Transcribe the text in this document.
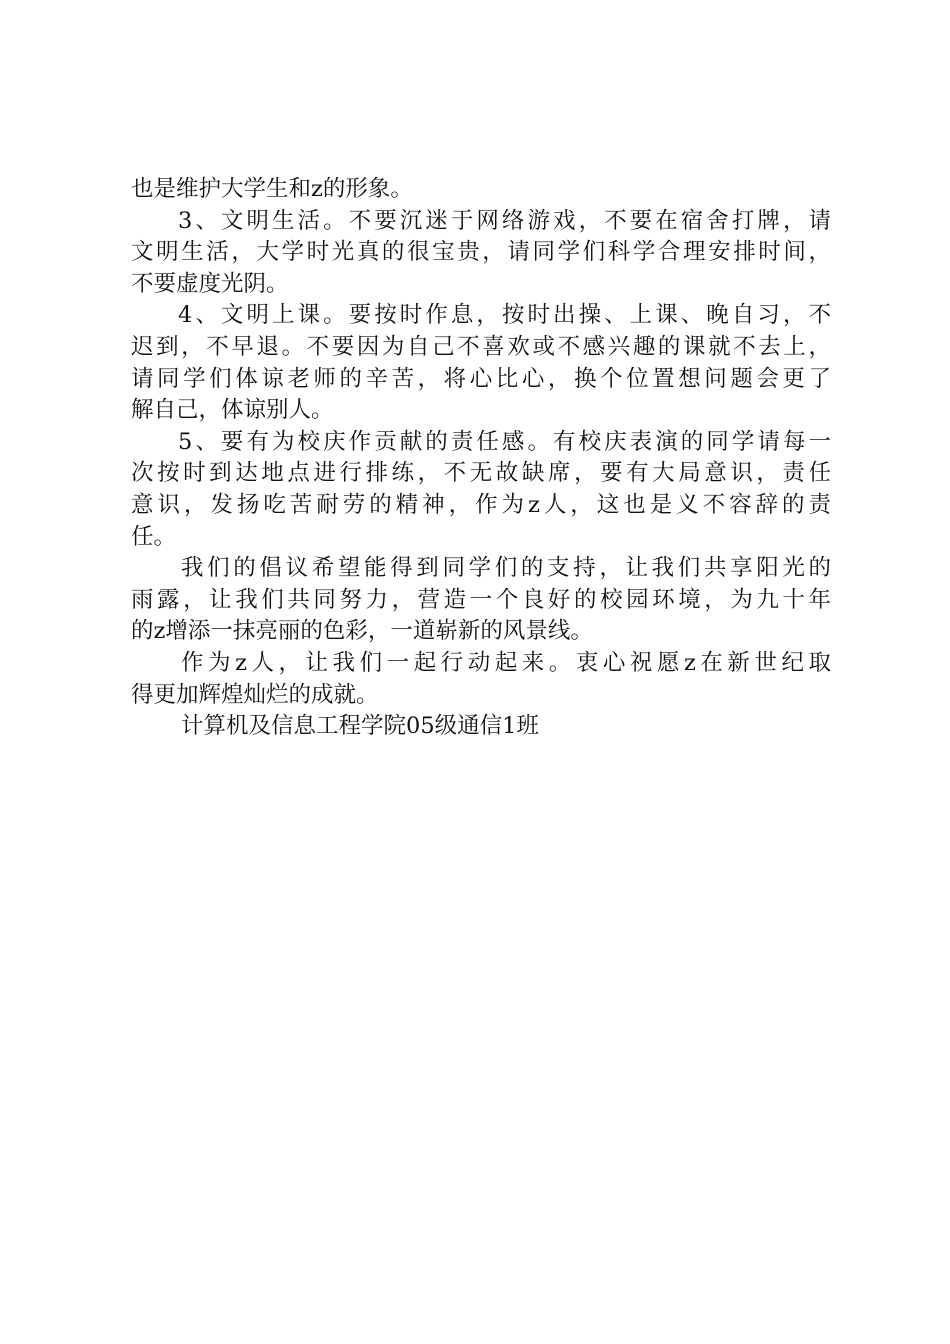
也是维护大学生和z的形象。
3、文明生活。不要沉迷于网络游戏，不要在宿舍打牌，请
文明生活，大学时光真的很宝贵，请同学们科学合理安排时间，
不要虚度光阴。
4、文明上课。要按时作息，按时出操、上课、晚自习，不
迟到，不早退。不要因为自己不喜欢或不感兴趣的课就不去上，
请同学们体谅老师的辛苦，将心比心，换个位置想问题会更了
解自己，体谅别人。
5、要有为校庆作贡献的责任感。有校庆表演的同学请每一
次按时到达地点进行排练，不无故缺席，要有大局意识，责任
意识，发扬吃苦耐劳的精神，作为z人，这也是义不容辞的责
任。
我们的倡议希望能得到同学们的支持，让我们共享阳光的
雨露，让我们共同努力，营造一个良好的校园环境，为九十年
的z增添一抹亮丽的色彩，一道崭新的风景线。
作为z人，让我们一起行动起来。衷心祝愿z在新世纪取
得更加辉煌灿烂的成就。
计算机及信息工程学院05级通信1班
